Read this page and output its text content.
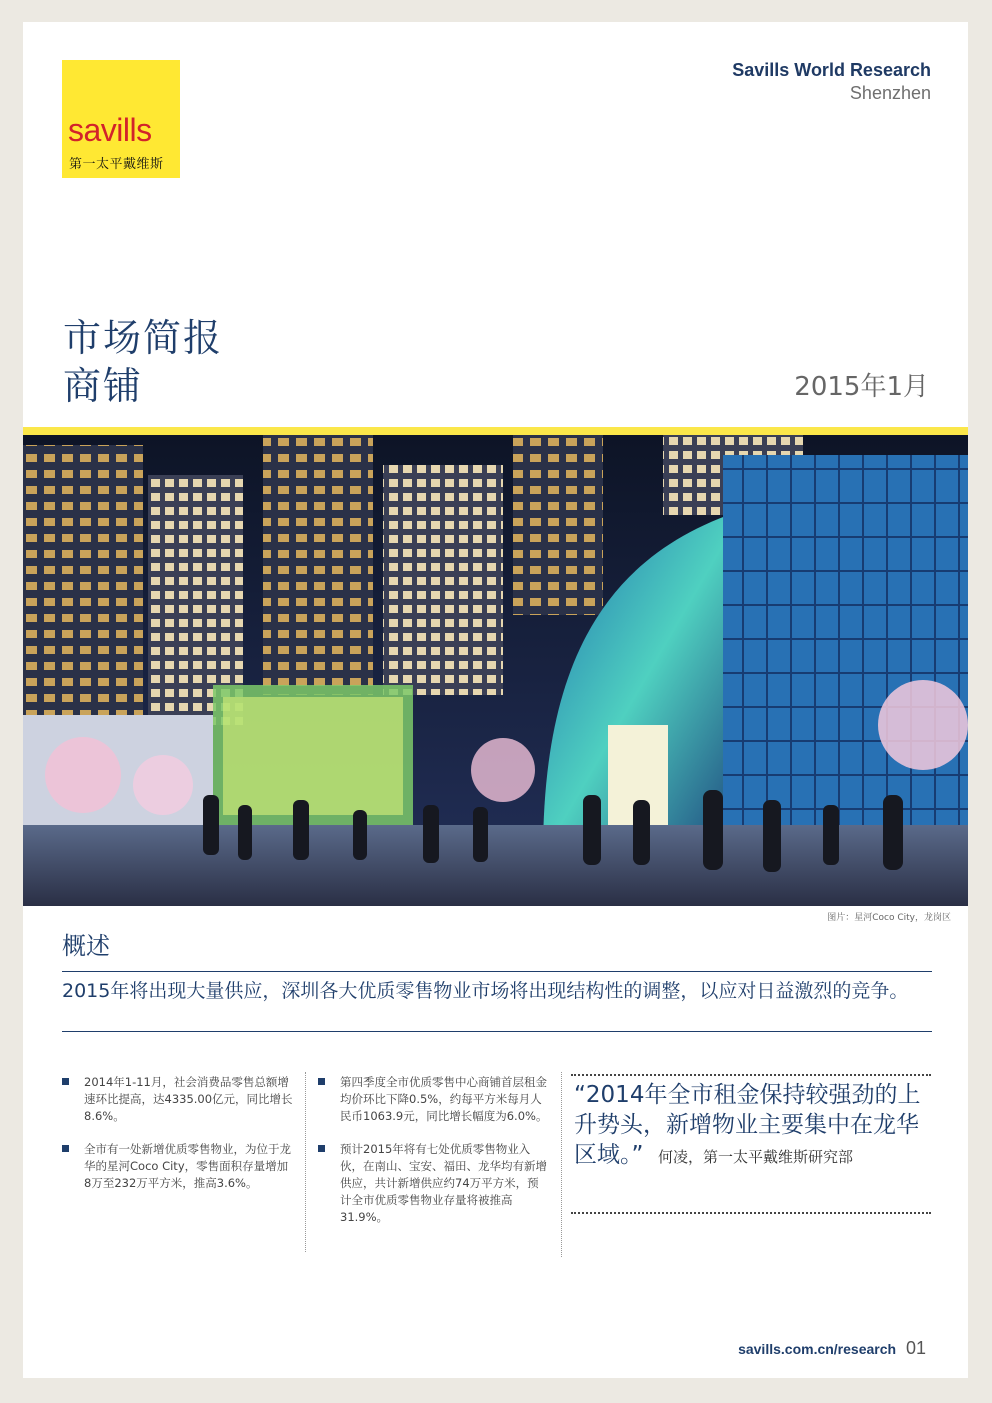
savills
第一太平戴维斯
Savills World Research
Shenzhen
市场简报
商铺	2015年1月
图片：星河Coco City，龙岗区
概述
2015年将出现大量供应，深圳各大优质零售物业市场将出现结构性的调整，以应对日益激烈的竞争。
2014年1-11月，社会消费品零售总额增速环比提高，达4335.00亿元，同比增长8.6%。
全市有一处新增优质零售物业，为位于龙华的星河Coco City，零售面积存量增加8万至232万平方米，推高3.6%。
第四季度全市优质零售中心商铺首层租金均价环比下降0.5%，约每平方米每月人民币1063.9元，同比增长幅度为6.0%。
预计2015年将有七处优质零售物业入伙，在南山、宝安、福田、龙华均有新增供应，共计新增供应约74万平方米，预计全市优质零售物业存量将被推高31.9%。
“2014年全市租金保持较强劲的上升势头，新增物业主要集中在龙华区域。” 何凌，第一太平戴维斯研究部
savills.com.cn/research 01
